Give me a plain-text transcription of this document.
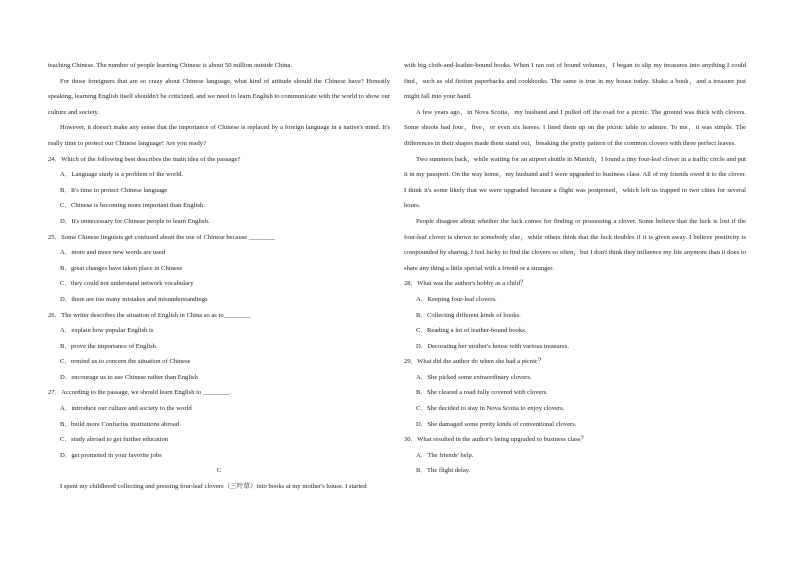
teaching Chinese. The number of people learning Chinese is about 50 million outside China.

For those foreigners that are so crazy about Chinese language, what kind of attitude should the Chinese have? Honestly speaking, learning English itself shouldn't be criticized, and we need to learn English to communicate with the world to show our culture and society.

However, it doesn't make any sense that the importance of Chinese is replaced by a foreign language in a native's mind. It's really time to protect our Chinese language! Are you ready?

24．Which of the following best describes the main idea of the passage?

A．Language study is a problem of the world.

B．It's time to protect Chinese language

C．Chinese is becoming more important than English.

D．It's unnecessary for Chinese people to learn English.

25．Some Chinese linguists get confused about the use of Chinese because ________

A．more and more new words are used

B．great changes have taken place in Chinese

C．they could not understand network vocabulary

D．there are too many mistakes and misunderstandings

26．The writer describes the situation of English in China so as to________

A．explain how popular English is

B．prove the importance of English

C．remind us to concern the situation of Chinese

D．encourage us to use Chinese rather than English

27．According to the passage, we should learn English to ________.

A．introduce our culture and society to the world

B．build more Confucius institutions abroad

C．study abroad to get further education

D．get promoted in your favorite jobs

C

I spent my childhood collecting and pressing four-leaf clovers（三叶草）into books at my mother's house. I started

with big cloth-and-leather-bound books. When I ran out of bound volumes，I began to slip my treasures into anything I could find，such as old fiction paperbacks and cookbooks. The same is true in my house today. Shake a book，and a treasure just might fall into your hand.

A few years ago，in Nova Scotia，my husband and I pulled off the road for a picnic. The ground was thick with clovers. Some shoots had four，five，or even six leaves. I lined them up on the picnic table to admire. To me，it was simple. The differences in their shapes made them stand out，breaking the pretty pattern of the common clovers with three perfect leaves.

Two summers back，while waiting for an airport shuttle in Munich，I found a tiny four-leaf clover in a traffic circle and put it in my passport. On the way home，my husband and I were upgraded to business class. All of my friends owed it to the clover. I think it's some likely that we were upgraded because a flight was postponed，which left us trapped in two cities for several hours.

People disagree about whether the luck comes for finding or possessing a clover. Some believe that the luck is lost if the four-leaf clover is shown to somebody else，while others think that the luck doubles if it is given away. I believe positivity is compounded by sharing. I feel lucky to find the clovers so often，but I don't think they influence my life anymore than it does to share any thing a little special with a friend or a stranger.

28．What was the author's hobby as a child？

A．Keeping four-leaf clovers.

B．Collecting different kinds of books.

C．Reading a lot of leather-bound books.

D．Decorating her mother's house with various treasures.

29．What did the author do when she had a picnic？

A．She picked some extraordinary clovers.

B．She cleared a road fully covered with clovers.

C．She decided to stay in Nova Scotia to enjoy clovers.

D．She damaged some pretty kinds of conventional clovers.

30．What resulted in the author's being upgraded to business class？

A．The friends' help.

B．The flight delay.
